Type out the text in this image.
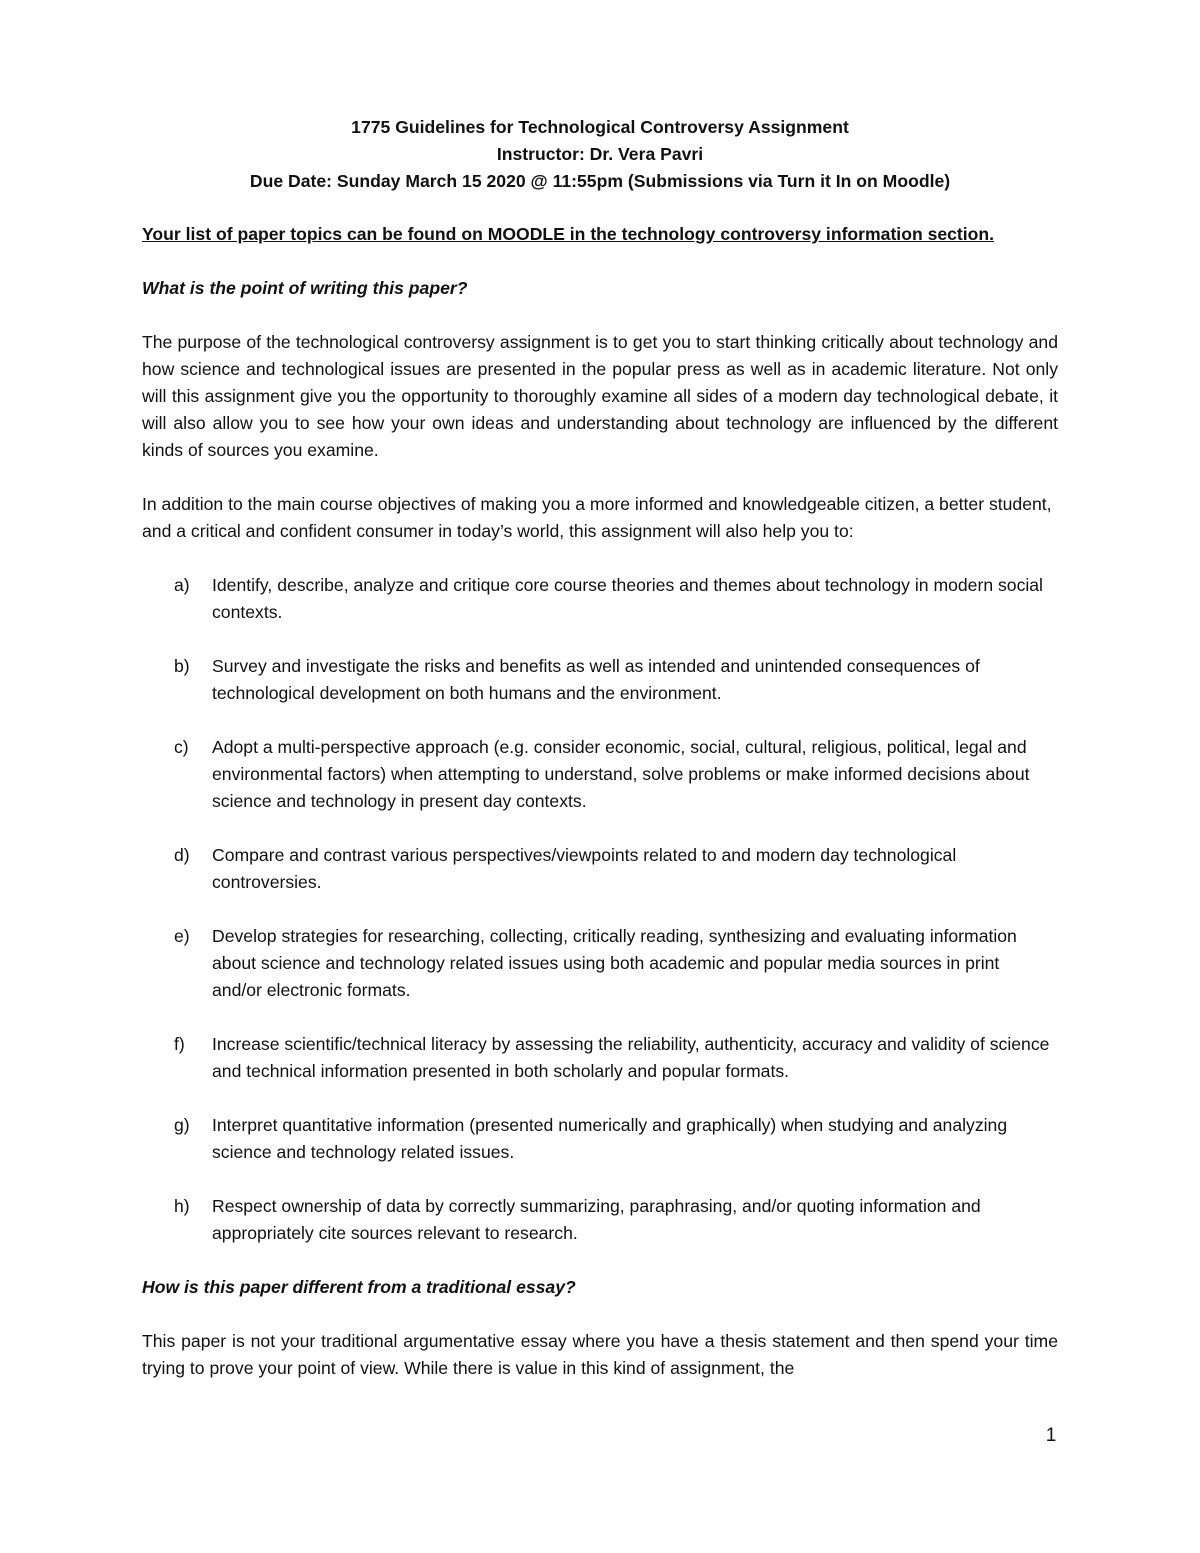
1775 Guidelines for Technological Controversy Assignment
Instructor: Dr. Vera Pavri
Due Date: Sunday March 15 2020 @ 11:55pm (Submissions via Turn it In on Moodle)

Your list of paper topics can be found on MOODLE in the technology controversy information section.

What is the point of writing this paper?

The purpose of the technological controversy assignment is to get you to start thinking critically about technology and how science and technological issues are presented in the popular press as well as in academic literature. Not only will this assignment give you the opportunity to thoroughly examine all sides of a modern day technological debate, it will also allow you to see how your own ideas and understanding about technology are influenced by the different kinds of sources you examine.

In addition to the main course objectives of making you a more informed and knowledgeable citizen, a better student, and a critical and confident consumer in today’s world, this assignment will also help you to:

a) Identify, describe, analyze and critique core course theories and themes about technology in modern social contexts.
b) Survey and investigate the risks and benefits as well as intended and unintended consequences of technological development on both humans and the environment.
c) Adopt a multi-perspective approach (e.g. consider economic, social, cultural, religious, political, legal and environmental factors) when attempting to understand, solve problems or make informed decisions about science and technology in present day contexts.
d) Compare and contrast various perspectives/viewpoints related to and modern day technological controversies.
e) Develop strategies for researching, collecting, critically reading, synthesizing and evaluating information about science and technology related issues using both academic and popular media sources in print and/or electronic formats.
f) Increase scientific/technical literacy by assessing the reliability, authenticity, accuracy and validity of science and technical information presented in both scholarly and popular formats.
g) Interpret quantitative information (presented numerically and graphically) when studying and analyzing science and technology related issues.
h) Respect ownership of data by correctly summarizing, paraphrasing, and/or quoting information and appropriately cite sources relevant to research.

How is this paper different from a traditional essay?

This paper is not your traditional argumentative essay where you have a thesis statement and then spend your time trying to prove your point of view. While there is value in this kind of assignment, the

1
